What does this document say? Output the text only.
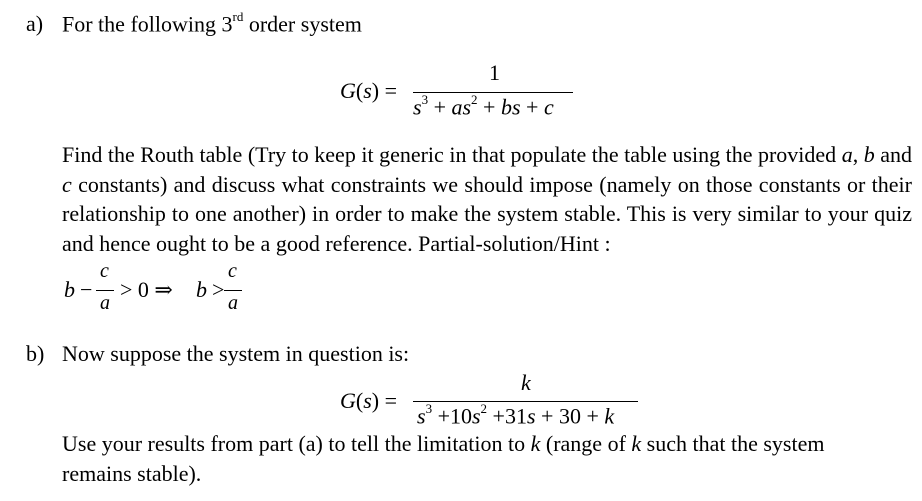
a) For the following 3rd order system
G(s) =
1
$s^3 + as^2$ + bs + c
Find the Routh table (Try to keep it generic in that populate the table using the provided a, b and c constants) and discuss what constraints we should impose (namely on those constants or their relationship to one another) in order to make the system stable. This is very similar to your quiz and hence ought to be a good reference. Partial-solution/Hint :
b −
c
a
> 0 ⇒ b >
c
a
b) Now suppose the system in question is:
G(s) =
k
$s^3 +10s^2 +31s + 30 + k$
Use your results from part (a) to tell the limitation to k (range of k such that the system
remains stable).
